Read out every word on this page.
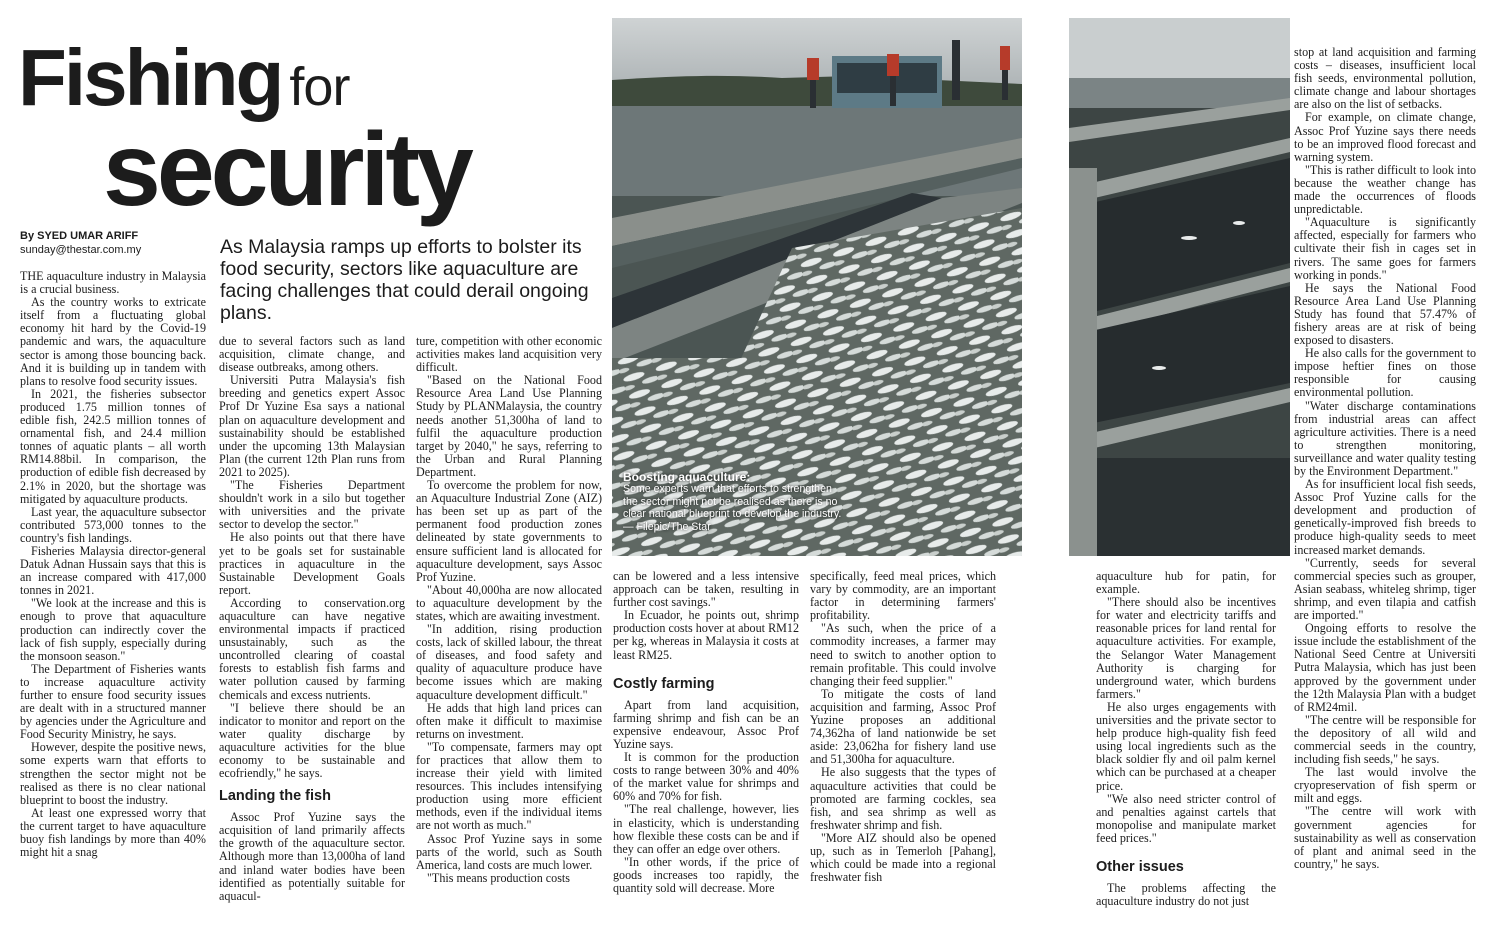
Fishing for
security
By SYED UMAR ARIFF
sunday@thestar.com.my	As Malaysia ramps up efforts to bolster its food security, sectors like aquaculture are facing challenges that could derail ongoing plans.
Boosting aquaculture:
Some experts warn that efforts to strengthen the sector might not be realised as there is no clear national blueprint to develop the industry. — Filepic/The Star

THE aquaculture industry in Malaysia is a crucial business.

As the country works to extricate itself from a fluctuating global economy hit hard by the Covid-19 pandemic and wars, the aquaculture sector is among those bouncing back. And it is building up in tandem with plans to resolve food security issues.

In 2021, the fisheries subsector produced 1.75 million tonnes of edible fish, 242.5 million tonnes of ornamental fish, and 24.4 million tonnes of aquatic plants – all worth RM14.88bil. In comparison, the production of edible fish decreased by 2.1% in 2020, but the shortage was mitigated by aquaculture products.

Last year, the aquaculture subsector contributed 573,000 tonnes to the country's fish landings.

Fisheries Malaysia director-general Datuk Adnan Hussain says that this is an increase compared with 417,000 tonnes in 2021.

"We look at the increase and this is enough to prove that aquaculture production can indirectly cover the lack of fish supply, especially during the monsoon season."

The Department of Fisheries wants to increase aquaculture activity further to ensure food security issues are dealt with in a structured manner by agencies under the Agriculture and Food Security Ministry, he says.

However, despite the positive news, some experts warn that efforts to strengthen the sector might not be realised as there is no clear national blueprint to boost the industry.

At least one expressed worry that the current target to have aquaculture buoy fish landings by more than 40% might hit a snag

due to several factors such as land acquisition, climate change, and disease outbreaks, among others.

Universiti Putra Malaysia's fish breeding and genetics expert Assoc Prof Dr Yuzine Esa says a national plan on aquaculture development and sustainability should be established under the upcoming 13th Malaysian Plan (the current 12th Plan runs from 2021 to 2025).

"The Fisheries Department shouldn't work in a silo but together with universities and the private sector to develop the sector."

He also points out that there have yet to be goals set for sustainable practices in aquaculture in the Sustainable Development Goals report.

According to conservation.org aquaculture can have negative environmental impacts if practiced unsustainably, such as the uncontrolled clearing of coastal forests to establish fish farms and water pollution caused by farming chemicals and excess nutrients.

"I believe there should be an indicator to monitor and report on the water quality discharge by aquaculture activities for the blue economy to be sustainable and ecofriendly," he says.

Landing the fish

Assoc Prof Yuzine says the acquisition of land primarily affects the growth of the aquaculture sector. Although more than 13,000ha of land and inland water bodies have been identified as potentially suitable for aquacul-

ture, competition with other economic activities makes land acquisition very difficult.

"Based on the National Food Resource Area Land Use Planning Study by PLANMalaysia, the country needs another 51,300ha of land to fulfil the aquaculture production target by 2040," he says, referring to the Urban and Rural Planning Department.

To overcome the problem for now, an Aquaculture Industrial Zone (AIZ) has been set up as part of the permanent food production zones delineated by state governments to ensure sufficient land is allocated for aquaculture development, says Assoc Prof Yuzine.

"About 40,000ha are now allocated to aquaculture development by the states, which are awaiting investment.

"In addition, rising production costs, lack of skilled labour, the threat of diseases, and food safety and quality of aquaculture produce have become issues which are making aquaculture development difficult."

He adds that high land prices can often make it difficult to maximise returns on investment.

"To compensate, farmers may opt for practices that allow them to increase their yield with limited resources. This includes intensifying production using more efficient methods, even if the individual items are not worth as much."

Assoc Prof Yuzine says in some parts of the world, such as South America, land costs are much lower.

"This means production costs

can be lowered and a less intensive approach can be taken, resulting in further cost savings."

In Ecuador, he points out, shrimp production costs hover at about RM12 per kg, whereas in Malaysia it costs at least RM25.

Costly farming

Apart from land acquisition, farming shrimp and fish can be an expensive endeavour, Assoc Prof Yuzine says.

It is common for the production costs to range between 30% and 40% of the market value for shrimps and 60% and 70% for fish.

"The real challenge, however, lies in elasticity, which is understanding how flexible these costs can be and if they can offer an edge over others.

"In other words, if the price of goods increases too rapidly, the quantity sold will decrease. More

specifically, feed meal prices, which vary by commodity, are an important factor in determining farmers' profitability.

"As such, when the price of a commodity increases, a farmer may need to switch to another option to remain profitable. This could involve changing their feed supplier."

To mitigate the costs of land acquisition and farming, Assoc Prof Yuzine proposes an additional 74,362ha of land nationwide be set aside: 23,062ha for fishery land use and 51,300ha for aquaculture.

He also suggests that the types of aquaculture activities that could be promoted are farming cockles, sea fish, and sea shrimp as well as freshwater shrimp and fish.

"More AIZ should also be opened up, such as in Temerloh [Pahang], which could be made into a regional freshwater fish

aquaculture hub for patin, for example.

"There should also be incentives for water and electricity tariffs and reasonable prices for land rental for aquaculture activities. For example, the Selangor Water Management Authority is charging for underground water, which burdens farmers."

He also urges engagements with universities and the private sector to help produce high-quality fish feed using local ingredients such as the black soldier fly and oil palm kernel which can be purchased at a cheaper price.

"We also need stricter control of and penalties against cartels that monopolise and manipulate market feed prices."

Other issues

The problems affecting the aquaculture industry do not just

stop at land acquisition and farming costs – diseases, insufficient local fish seeds, environmental pollution, climate change and labour shortages are also on the list of setbacks.

For example, on climate change, Assoc Prof Yuzine says there needs to be an improved flood forecast and warning system.

"This is rather difficult to look into because the weather change has made the occurrences of floods unpredictable.

"Aquaculture is significantly affected, especially for farmers who cultivate their fish in cages set in rivers. The same goes for farmers working in ponds."

He says the National Food Resource Area Land Use Planning Study has found that 57.47% of fishery areas are at risk of being exposed to disasters.

He also calls for the government to impose heftier fines on those responsible for causing environmental pollution.

"Water discharge contaminations from industrial areas can affect agriculture activities. There is a need to strengthen monitoring, surveillance and water quality testing by the Environment Department."

As for insufficient local fish seeds, Assoc Prof Yuzine calls for the development and production of genetically-improved fish breeds to produce high-quality seeds to meet increased market demands.

"Currently, seeds for several commercial species such as grouper, Asian seabass, whiteleg shrimp, tiger shrimp, and even tilapia and catfish are imported."

Ongoing efforts to resolve the issue include the establishment of the National Seed Centre at Universiti Putra Malaysia, which has just been approved by the government under the 12th Malaysia Plan with a budget of RM24mil.

"The centre will be responsible for the depository of all wild and commercial seeds in the country, including fish seeds," he says.

The last would involve the cryopreservation of fish sperm or milt and eggs.

"The centre will work with government agencies for sustainability as well as conservation of plant and animal seed in the country," he says.
